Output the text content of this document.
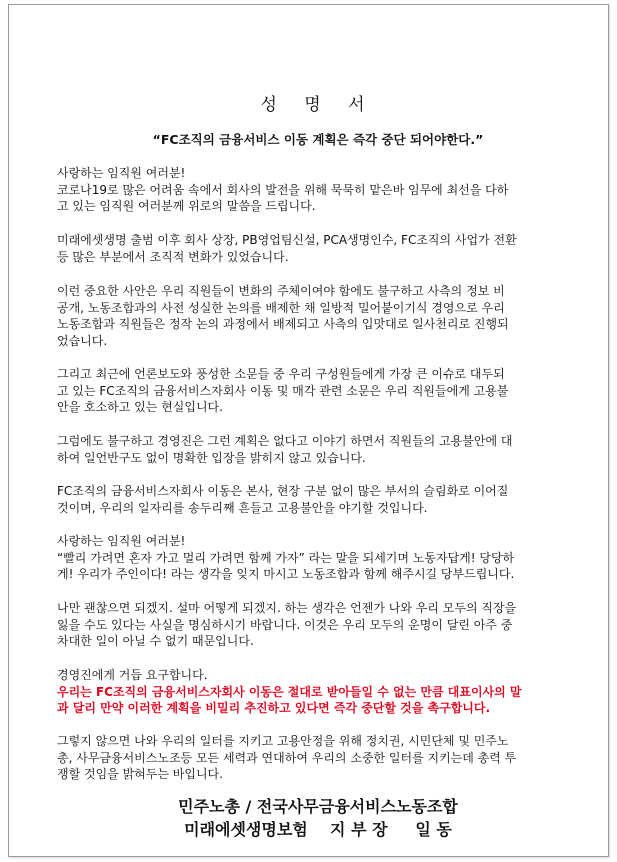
성 명 서
“FC조직의 금융서비스 이동 계획은 즉각 중단 되어야한다.”
사랑하는 임직원 여러분!
코로나19로 많은 어려움 속에서 회사의 발전을 위해 묵묵히 맡은바 임무에 최선을 다하
고 있는 임직원 여러분께 위로의 말씀을 드립니다.
미래에셋생명 출범 이후 회사 상장, PB영업팀신설, PCA생명인수, FC조직의 사업가 전환
등 많은 부분에서 조직적 변화가 있었습니다.
이런 중요한 사안은 우리 직원들이 변화의 주체이여야 함에도 불구하고 사측의 정보 비
공개, 노동조합과의 사전 성실한 논의를 배제한 채 일방적 밀어붙이기식 경영으로 우리
노동조합과 직원들은 정작 논의 과정에서 배제되고 사측의 입맛대로 일사천리로 진행되
었습니다.
그리고 최근에 언론보도와 풍성한 소문들 중 우리 구성원들에게 가장 큰 이슈로 대두되
고 있는 FC조직의 금융서비스자회사 이동 및 매각 관련 소문은 우리 직원들에게 고용불
안을 호소하고 있는 현실입니다.
그럼에도 불구하고 경영진은 그런 계획은 없다고 이야기 하면서 직원들의 고용불안에 대
하여 일언반구도 없이 명확한 입장을 밝히지 않고 있습니다.
FC조직의 금융서비스자회사 이동은 본사, 현장 구분 없이 많은 부서의 슬림화로 이어질
것이며, 우리의 일자리를 송두리째 흔들고 고용불안을 야기할 것입니다.
사랑하는 임직원 여러분!
“빨리 가려면 혼자 가고 멀리 가려면 함께 가자” 라는 말을 되세기며 노동자답게! 당당하
게! 우리가 주인이다! 라는 생각을 잊지 마시고 노동조합과 함께 해주시길 당부드립니다.
나만 괜찮으면 되겠지. 설마 어떻게 되겠지. 하는 생각은 언젠가 나와 우리 모두의 직장을
잃을 수도 있다는 사실을 명심하시기 바랍니다. 이것은 우리 모두의 운명이 달린 아주 중
차대한 일이 아닐 수 없기 때문입니다.
경영진에게 거듭 요구합니다.
우리는 FC조직의 금융서비스자회사 이동은 절대로 받아들일 수 없는 만큼 대표이사의 말
과 달리 만약 이러한 계획을 비밀리 추진하고 있다면 즉각 중단할 것을 촉구합니다.
그렇지 않으면 나와 우리의 일터를 지키고 고용안정을 위해 정치권, 시민단체 및 민주노
총, 사무금융서비스노조등 모든 세력과 연대하여 우리의 소중한 일터를 지키는데 총력 투
쟁할 것임을 밝혀두는 바입니다.
민주노총 / 전국사무금융서비스노동조합
미래에셋생명보험    지 부 장     일 동
